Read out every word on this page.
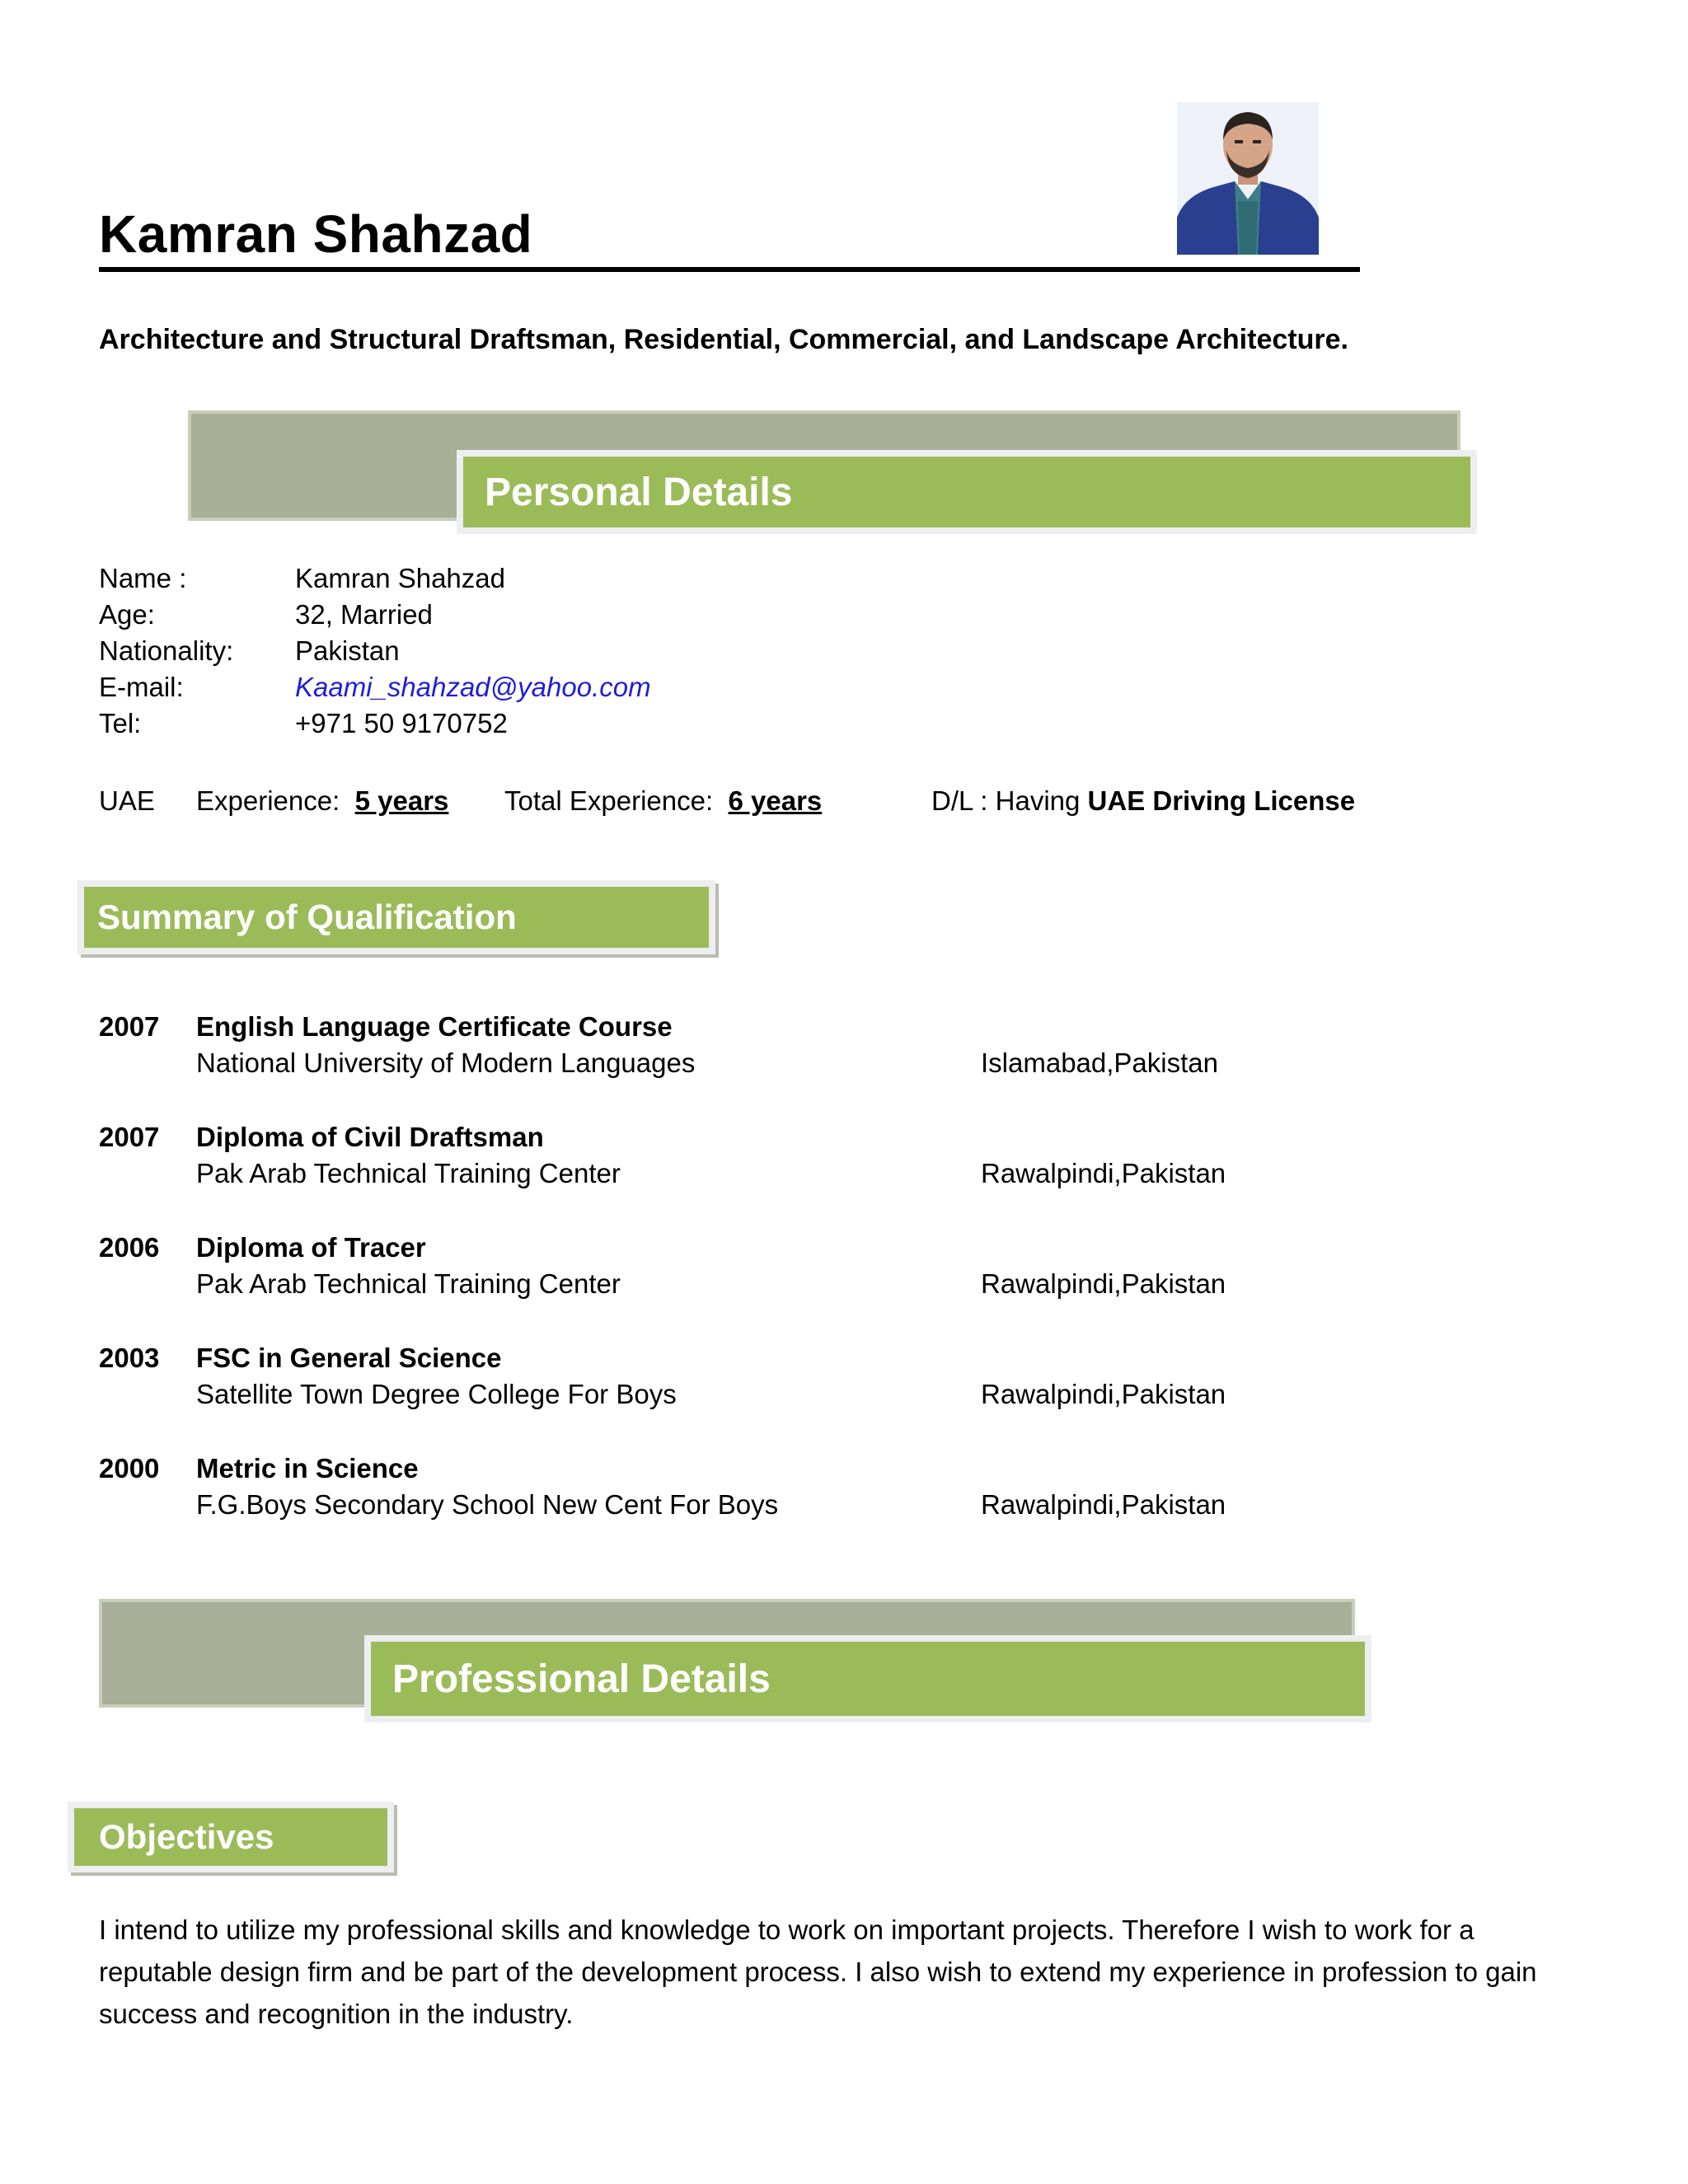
Kamran Shahzad
Architecture and Structural Draftsman, Residential, Commercial, and Landscape Architecture.
Personal Details
Name :	Kamran Shahzad
Age:	32, Married
Nationality: Pakistan
E-mail:	Kaami_shahzad@yahoo.com
Tel:	+971 50 9170752
UAE Experience: 5 years Total Experience: 6 years	D/L : Having UAE Driving License
Summary of Qualification
2007 English Language Certificate Course
National University of Modern Languages	Islamabad,Pakistan
2007 Diploma of Civil Draftsman
Pak Arab Technical Training Center	Rawalpindi,Pakistan
2006 Diploma of Tracer
Pak Arab Technical Training Center	Rawalpindi,Pakistan
2003 FSC in General Science
Satellite Town Degree College For Boys	Rawalpindi,Pakistan
2000 Metric in Science
F.G.Boys Secondary School New Cent For Boys	Rawalpindi,Pakistan
Professional Details
Objectives
I intend to utilize my professional skills and knowledge to work on important projects. Therefore I wish to work for a reputable design firm and be part of the development process. I also wish to extend my experience in profession to gain success and recognition in the industry.
